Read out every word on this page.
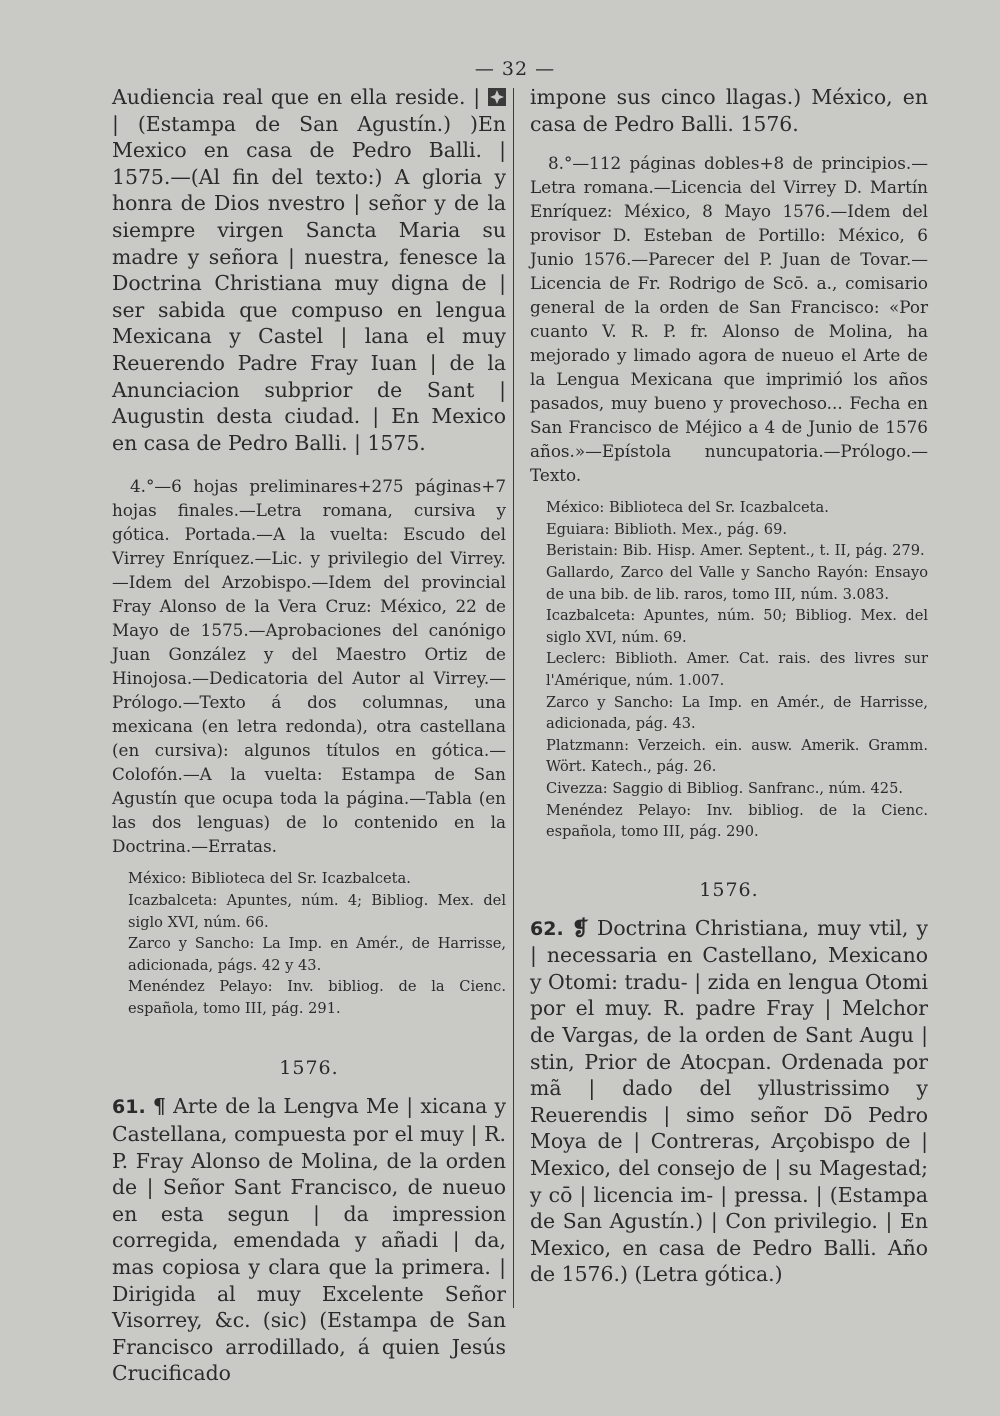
— 32 —

Audiencia real que en ella reside. |  | (Estampa de San Agustín.) )En Mexico en casa de Pedro Balli. | 1575.—(Al fin del texto:) A gloria y honra de Dios nvestro | señor y de la siempre virgen Sancta Maria su madre y señora | nuestra, fenesce la Doctrina Christiana muy digna de | ser sabida que compuso en lengua Mexicana y Castel | lana el muy Reuerendo Padre Fray Iuan | de la Anunciacion subprior de Sant | Augustin desta ciudad. | En Mexico en casa de Pedro Balli. | 1575.

4.°—6 hojas preliminares+275 páginas+7 hojas finales.—Letra romana, cursiva y gótica. Portada.—A la vuelta: Escudo del Virrey Enríquez.—Lic. y privilegio del Virrey.—Idem del Arzobispo.—Idem del provincial Fray Alonso de la Vera Cruz: México, 22 de Mayo de 1575.—Aprobaciones del canónigo Juan González y del Maestro Ortiz de Hinojosa.—Dedicatoria del Autor al Virrey.—Prólogo.—Texto á dos columnas, una mexicana (en letra redonda), otra castellana (en cursiva): algunos títulos en gótica.—Colofón.—A la vuelta: Estampa de San Agustín que ocupa toda la página.—Tabla (en las dos lenguas) de lo contenido en la Doctrina.—Erratas.

México: Biblioteca del Sr. Icazbalceta.

Icazbalceta: Apuntes, núm. 4; Bibliog. Mex. del siglo XVI, núm. 66.

Zarco y Sancho: La Imp. en Amér., de Harrisse, adicionada, págs. 42 y 43.

Menéndez Pelayo: Inv. bibliog. de la Cienc. española, tomo III, pág. 291.

1576.

61. ¶ Arte de la Lengva Me | xicana y Castellana, compuesta por el muy | R. P. Fray Alonso de Molina, de la orden de | Señor Sant Francisco, de nueuo en esta segun | da impression corregida, emendada y añadi | da, mas copiosa y clara que la primera. | Dirigida al muy Excelente Señor Visorrey, &c. (sic) (Estampa de San Francisco arrodillado, á quien Jesús Crucificado

impone sus cinco llagas.) México, en casa de Pedro Balli. 1576.

8.°—112 páginas dobles+8 de principios.—Letra romana.—Licencia del Virrey D. Martín Enríquez: México, 8 Mayo 1576.—Idem del provisor D. Esteban de Portillo: México, 6 Junio 1576.—Parecer del P. Juan de Tovar.—Licencia de Fr. Rodrigo de Scō. a., comisario general de la orden de San Francisco: «Por cuanto V. R. P. fr. Alonso de Molina, ha mejorado y limado agora de nueuo el Arte de la Lengua Mexicana que imprimió los años pasados, muy bueno y provechoso... Fecha en San Francisco de Méjico a 4 de Junio de 1576 años.»—Epístola nuncupatoria.—Prólogo.—Texto.

México: Biblioteca del Sr. Icazbalceta.

Eguiara: Biblioth. Mex., pág. 69.

Beristain: Bib. Hisp. Amer. Septent., t. II, pág. 279.

Gallardo, Zarco del Valle y Sancho Rayón: Ensayo de una bib. de lib. raros, tomo III, núm. 3.083.

Icazbalceta: Apuntes, núm. 50; Bibliog. Mex. del siglo XVI, núm. 69.

Leclerc: Biblioth. Amer. Cat. rais. des livres sur l'Amérique, núm. 1.007.

Zarco y Sancho: La Imp. en Amér., de Harrisse, adicionada, pág. 43.

Platzmann: Verzeich. ein. ausw. Amerik. Gramm. Wört. Katech., pág. 26.

Civezza: Saggio di Bibliog. Sanfranc., núm. 425.

Menéndez Pelayo: Inv. bibliog. de la Cienc. española, tomo III, pág. 290.

1576.

62. ❡ Doctrina Christiana, muy vtil, y | necessaria en Castellano, Mexicano y Otomi: tradu- | zida en lengua Otomi por el muy. R. padre Fray | Melchor de Vargas, de la orden de Sant Augu | stin, Prior de Atocpan. Ordenada por mã | dado del yllustrissimo y Reuerendis | simo señor Dō Pedro Moya de | Contreras, Arçobispo de | Mexico, del consejo de | su Magestad; y cō | licencia im- | pressa. | (Estampa de San Agustín.) | Con privilegio. | En Mexico, en casa de Pedro Balli. Año de 1576.) (Letra gótica.)
